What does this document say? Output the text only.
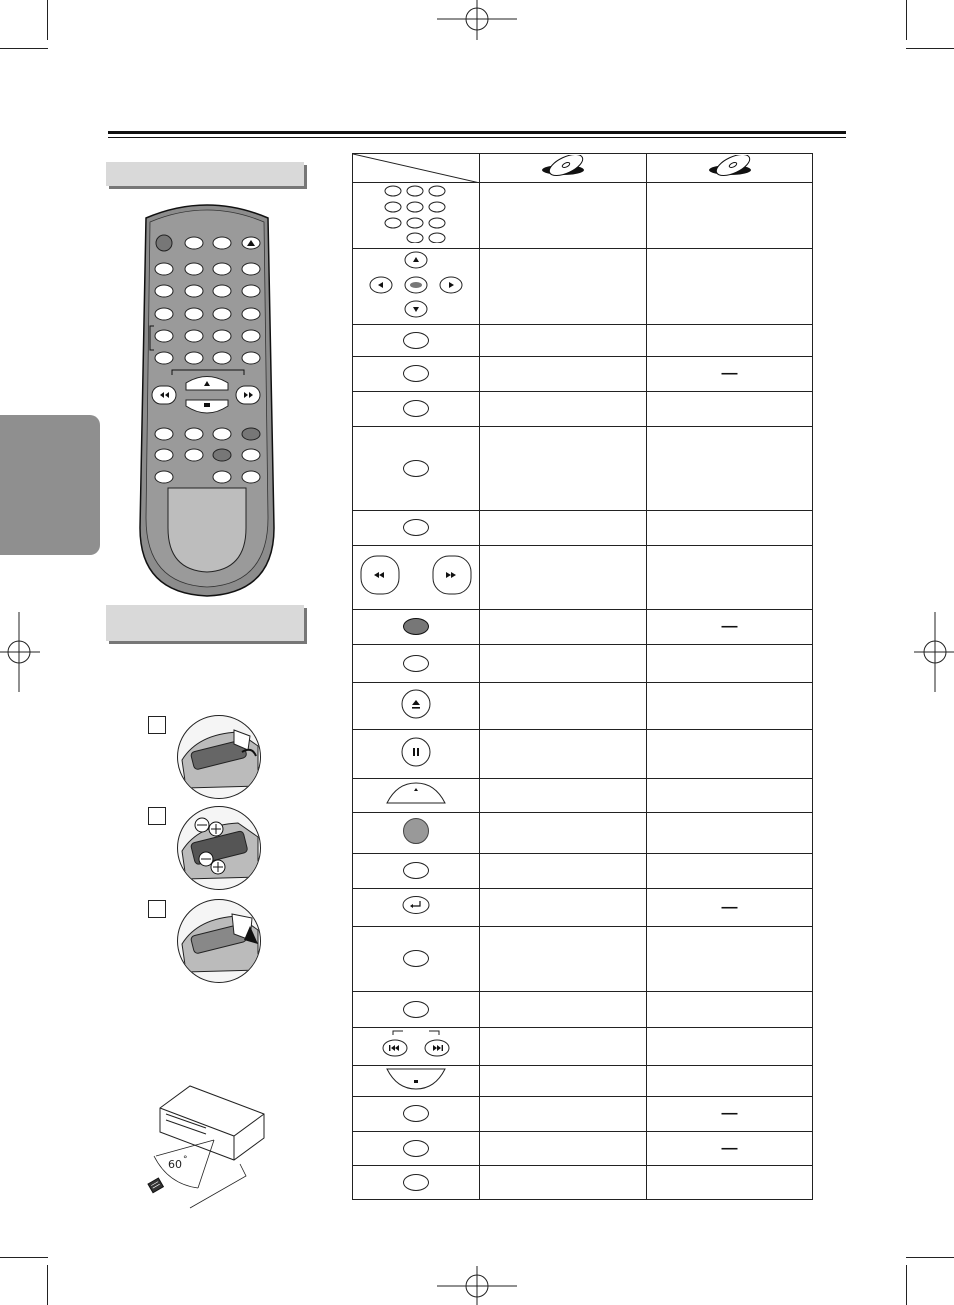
60 °

		—

		—

		—

		—
		—
